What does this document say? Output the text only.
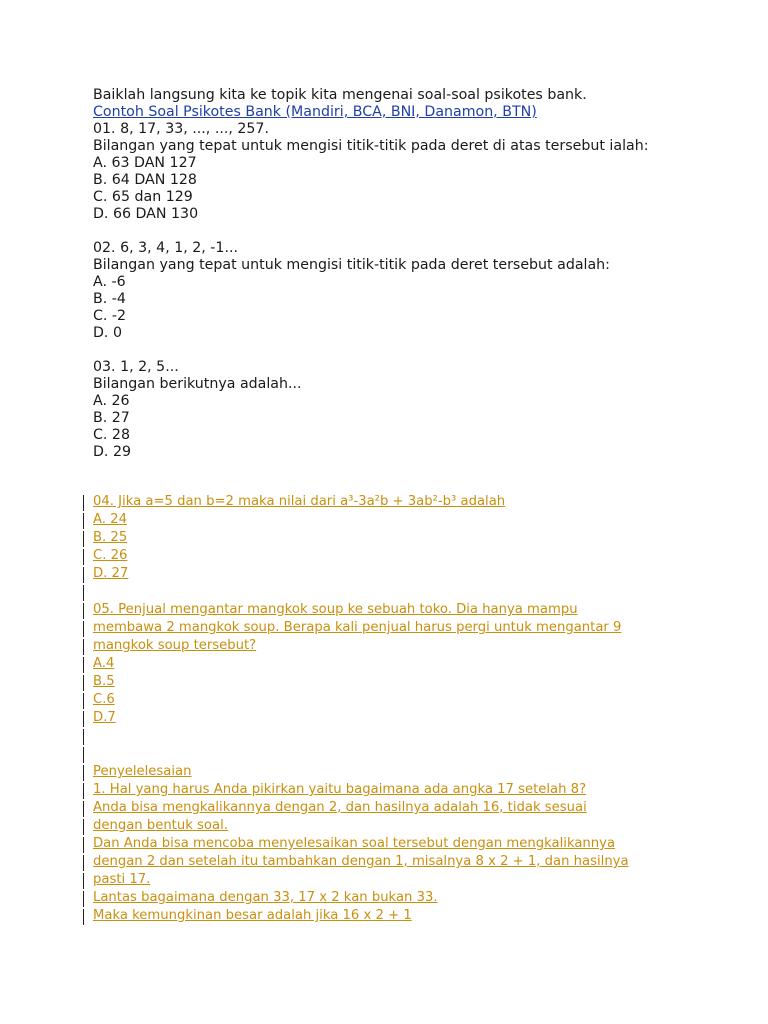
Baiklah langsung kita ke topik kita mengenai soal-soal psikotes bank.
Contoh Soal Psikotes Bank (Mandiri, BCA, BNI, Danamon, BTN)
01. 8, 17, 33, ..., ..., 257.
Bilangan yang tepat untuk mengisi titik-titik pada deret di atas tersebut ialah:
A. 63 DAN 127
B. 64 DAN 128
C. 65 dan 129
D. 66 DAN 130
02. 6, 3, 4, 1, 2, -1...
Bilangan yang tepat untuk mengisi titik-titik pada deret tersebut adalah:
A. -6
B. -4
C. -2
D. 0
03. 1, 2, 5...
Bilangan berikutnya adalah...
A. 26
B. 27
C. 28
D. 29
04. Jika a=5 dan b=2 maka nilai dari a³-3a²b + 3ab²-b³ adalah
A. 24
B. 25
C. 26
D. 27
05. Penjual mengantar mangkok soup ke sebuah toko. Dia hanya mampu
membawa 2 mangkok soup. Berapa kali penjual harus pergi untuk mengantar 9
mangkok soup tersebut?
A.4
B.5
C.6
D.7
Penyelelesaian
1. Hal yang harus Anda pikirkan yaitu bagaimana ada angka 17 setelah 8?
Anda bisa mengkalikannya dengan 2, dan hasilnya adalah 16, tidak sesuai
dengan bentuk soal.
Dan Anda bisa mencoba menyelesaikan soal tersebut dengan mengkalikannya
dengan 2 dan setelah itu tambahkan dengan 1, misalnya 8 x 2 + 1, dan hasilnya
pasti 17.
Lantas bagaimana dengan 33, 17 x 2 kan bukan 33.
Maka kemungkinan besar adalah jika 16 x 2 + 1
